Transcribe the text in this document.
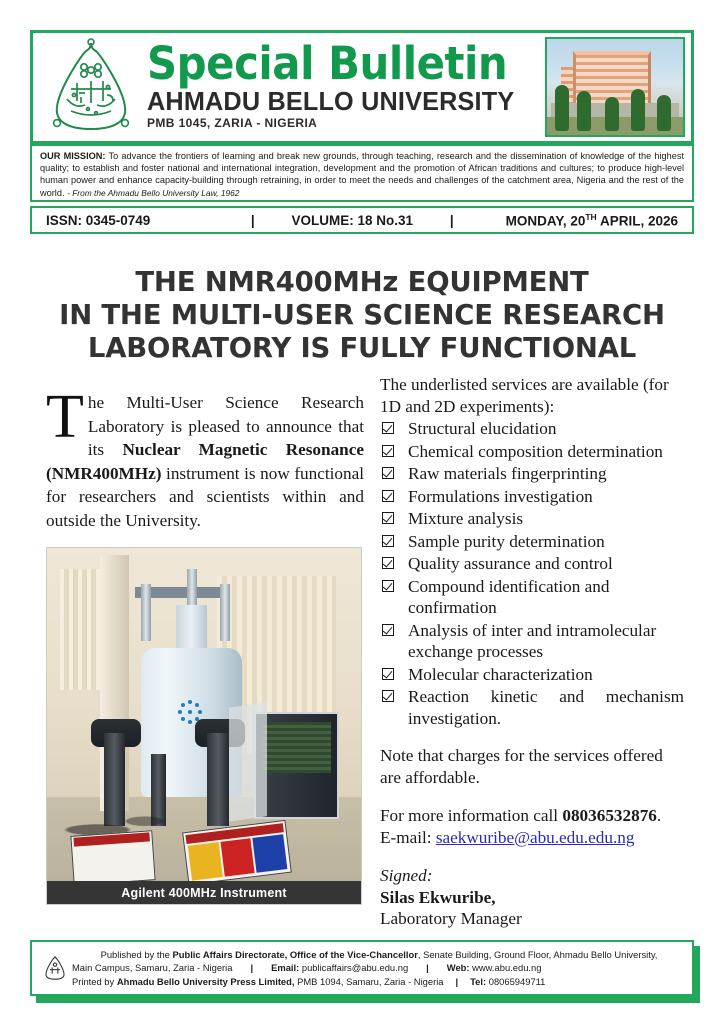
Special Bulletin
AHMADU BELLO UNIVERSITY
PMB 1045, ZARIA - NIGERIA
OUR MISSION: To advance the frontiers of learning and break new grounds, through teaching, research and the dissemination of knowledge of the highest quality; to establish and foster national and international integration, development and the promotion of African traditions and cultures; to produce high-level human power and enhance capacity-building through retraining, in order to meet the needs and challenges of the catchment area, Nigeria and the rest of the world. - From the Ahmadu Bello University Law, 1962
ISSN: 0345-0749	|	VOLUME: 18 No.31	|	MONDAY, 20TH APRIL, 2026
THE NMR400MHz EQUIPMENT
IN THE MULTI-USER SCIENCE RESEARCH
LABORATORY IS FULLY FUNCTIONAL

The Multi-User Science Research Laboratory is pleased to announce that its Nuclear Magnetic Resonance (NMR400MHz) instrument is now functional for researchers and scientists within and outside the University.

Agilent 400MHz Instrument
The underlisted services are available (for 1D and 2D experiments):
Structural elucidation
Chemical composition determination
Raw materials fingerprinting
Formulations investigation
Mixture analysis
Sample purity determination
Quality assurance and control
Compound identification and confirmation
Analysis of inter and intramolecular exchange processes
Molecular characterization
Reaction kinetic and mechanism investigation.

Note that charges for the services offered are affordable.

For more information call 08036532876.
E-mail: saekwuribe@abu.edu.edu.ng

Signed:
Silas Ekwuribe,
Laboratory Manager
Published by the Public Affairs Directorate, Office of the Vice-Chancellor, Senate Building, Ground Floor, Ahmadu Bello University,
Main Campus, Samaru, Zaria - Nigeria | Email: publicaffairs@abu.edu.ng | Web: www.abu.edu.ng
Printed by Ahmadu Bello University Press Limited, PMB 1094, Samaru, Zaria - Nigeria | Tel: 08065949711
